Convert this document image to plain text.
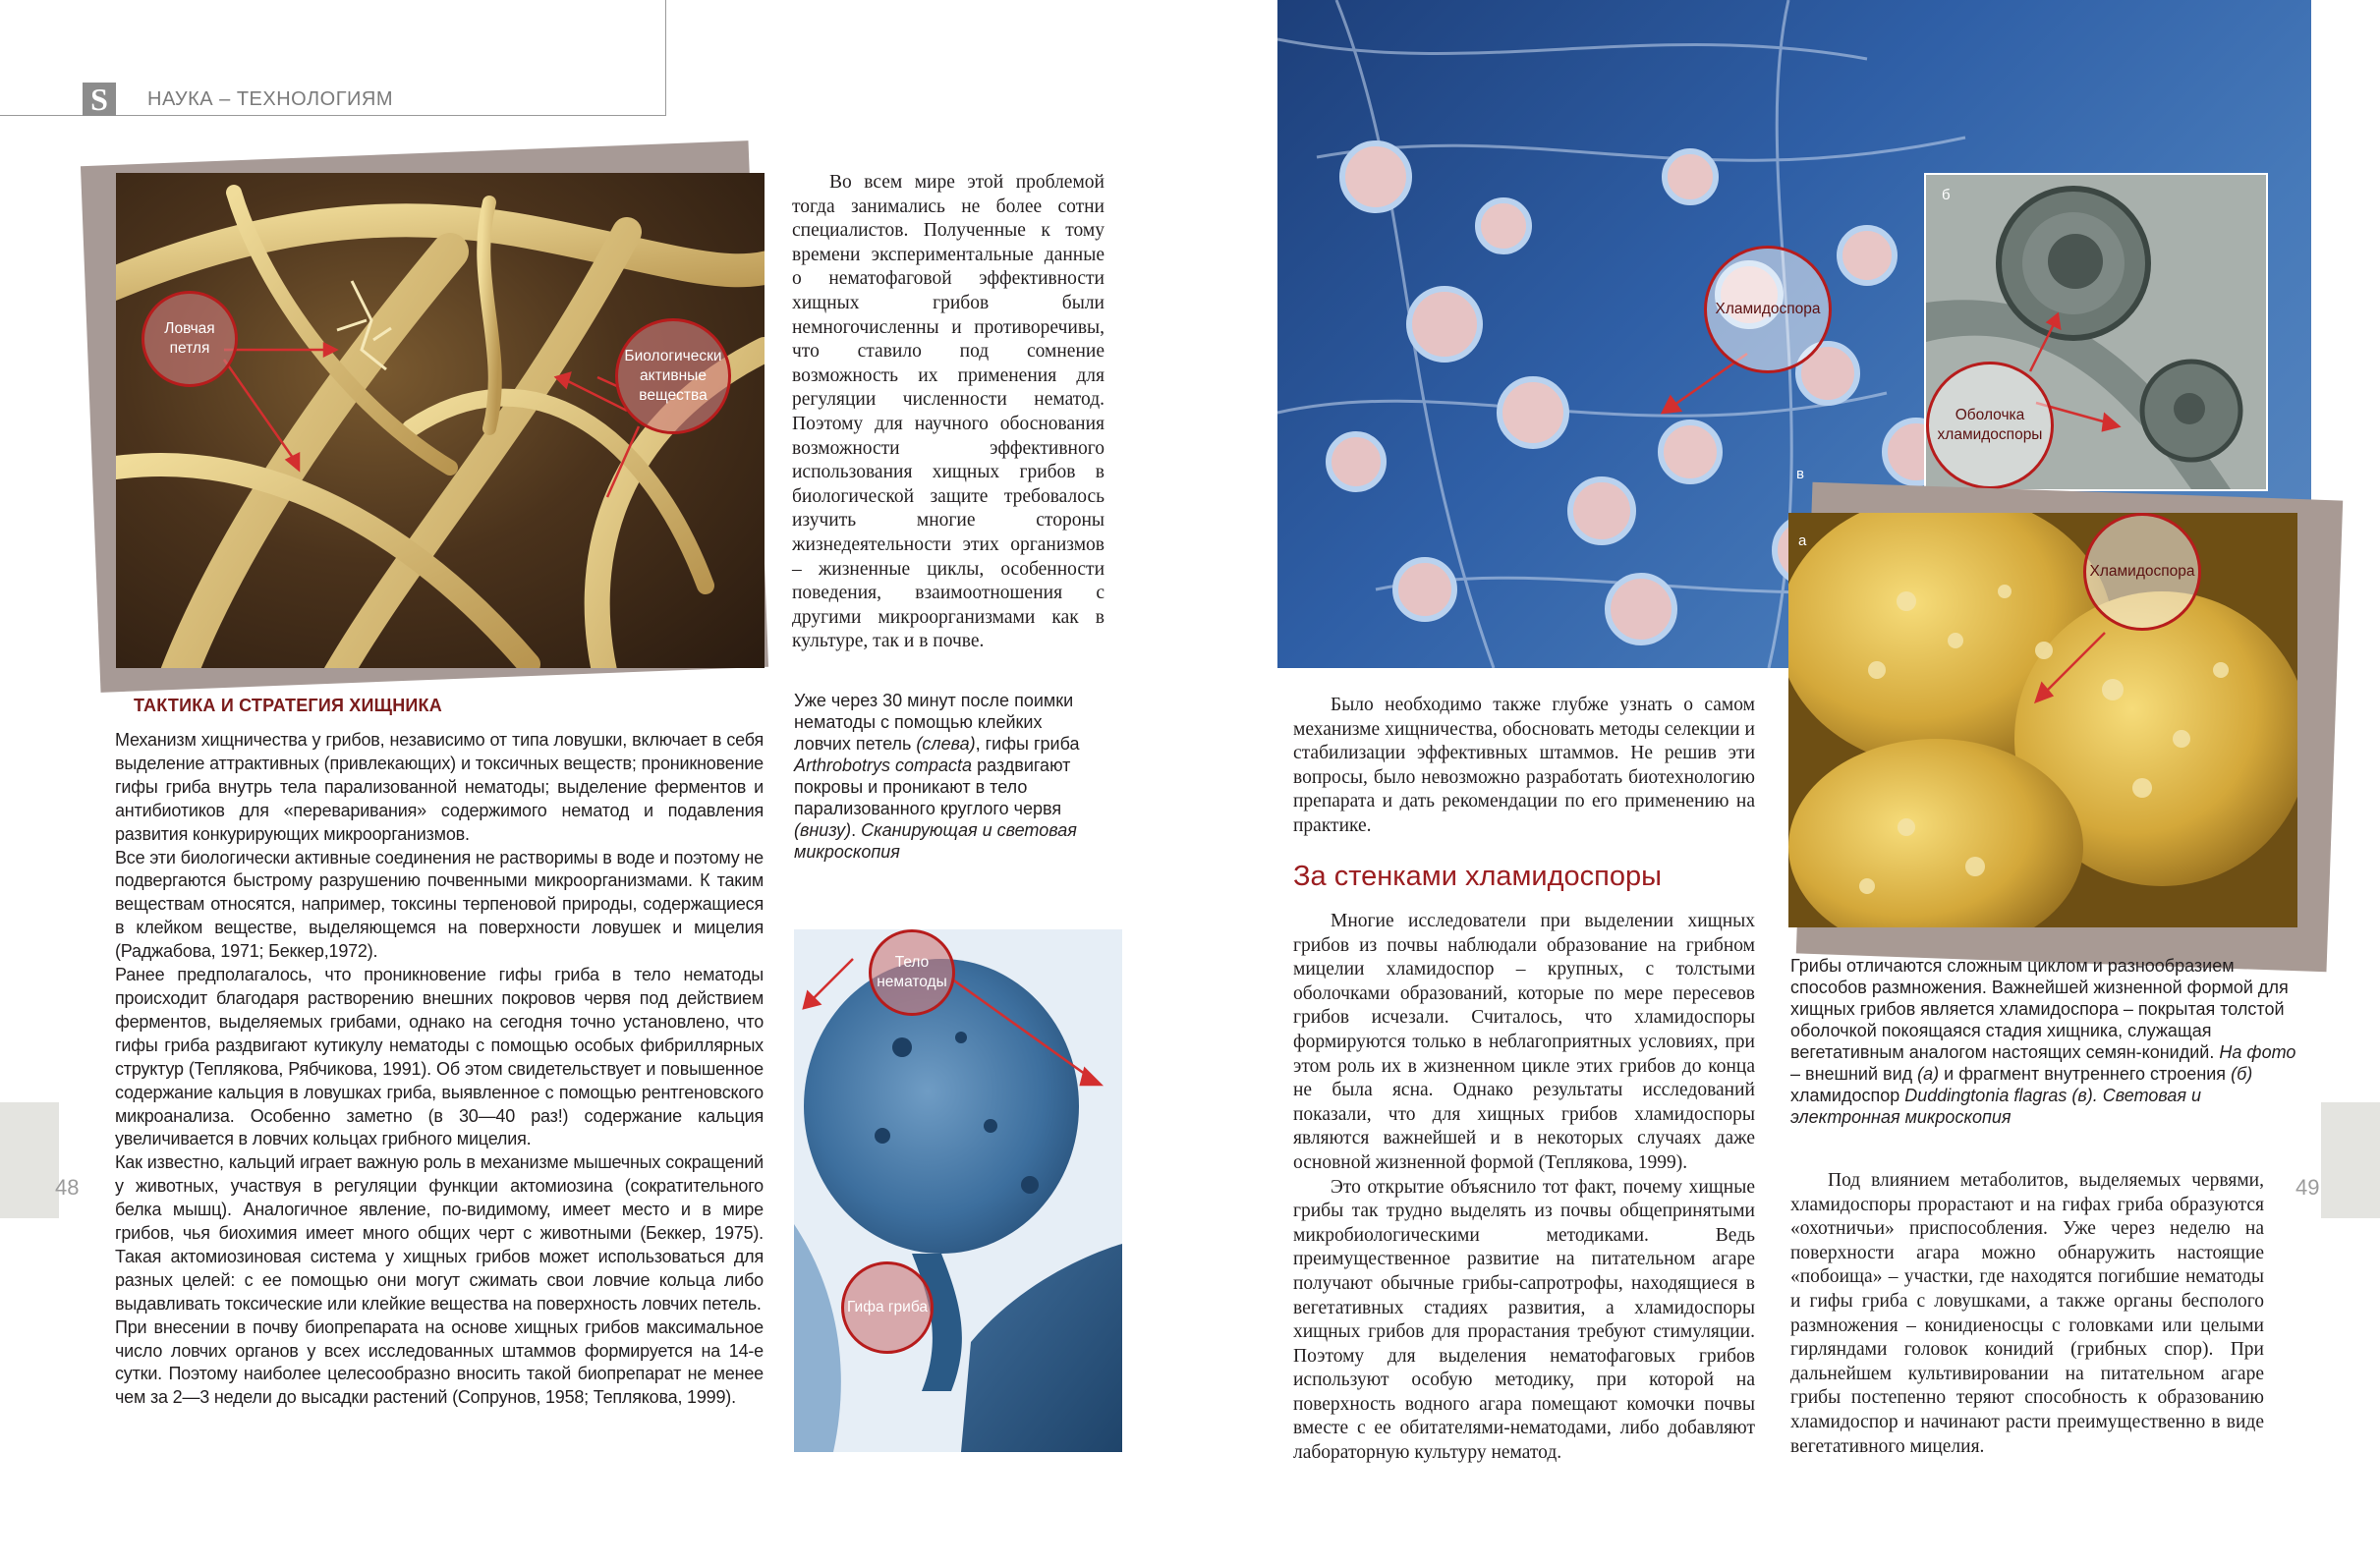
S	НАУКА – ТЕХНОЛОГИЯМ
48	49
Ловчая петля	Биологически активные вещества

Во всем мире этой проблемой тогда занимались не более сотни специалистов. Полученные к тому времени экспериментальные данные о нематофаговой эффективности хищных грибов были немногочисленны и противоречивы, что ставило под сомнение возможность их применения для регуляции численности нематод. Поэтому для научного обоснования возможности эффективного использования хищных грибов в биологической защите требовалось изучить многие стороны жизнедеятельности этих организмов – жизненные циклы, особенности поведения, взаимоотношения с другими микроорганизмами как в культуре, так и в почве.

ТАКТИКА И СТРАТЕГИЯ ХИЩНИКА

Механизм хищничества у грибов, независимо от типа ловушки, включает в себя выделение аттрактивных (привлекающих) и токсичных веществ; проникновение гифы гриба внутрь тела парализованной нематоды; выделение ферментов и антибиотиков для «переваривания» содержимого нематод и подавления развития конкурирующих микроорганизмов.

Все эти биологически активные соединения не растворимы в воде и поэтому не подвергаются быстрому разрушению почвенными микроорганизмами. К таким веществам относятся, например, токсины терпеновой природы, содержащиеся в клейком веществе, выделяющемся на поверхности ловушек и мицелия (Раджабова, 1971; Беккер,1972).

Ранее предполагалось, что проникновение гифы гриба в тело нематоды происходит благодаря растворению внешних покровов червя под действием ферментов, выделяемых грибами, однако на сегодня точно установлено, что гифы гриба раздвигают кутикулу нематоды с помощью особых фибриллярных структур (Теплякова, Рябчикова, 1991). Об этом свидетельствует и повышенное содержание кальция в ловушках гриба, выявленное с помощью рентгеновского микроанализа. Особенно заметно (в 30—40 раз!) содержание кальция увеличивается в ловчих кольцах грибного мицелия.

Как известно, кальций играет важную роль в механизме мышечных сокращений у животных, участвуя в регуляции функции актомиозина (сократительного белка мышц). Аналогичное явление, по-видимому, имеет место и в мире грибов, чья биохимия имеет много общих черт с животными (Беккер, 1975). Такая актомиозиновая система у хищных грибов может использоваться для разных целей: с ее помощью они могут сжимать свои ловчие кольца либо выдавливать токсические или клейкие вещества на поверхность ловчих петель.

При внесении в почву биопрепарата на основе хищных грибов максимальное число ловчих органов у всех исследованных штаммов формируется на 14-е сутки. Поэтому наиболее целесообразно вносить такой биопрепарат не менее чем за 2—3 недели до высадки растений (Сопрунов, 1958; Теплякова, 1999).

Уже через 30 минут после поимки нематоды с помощью клейких ловчих петель (слева), гифы гриба Arthrobotrys compacta раздвигают покровы и проникают в тело парализованного круглого червя (внизу). Сканирующая и световая микроскопия
Тело нематоды
Гифа гриба
Хламидоспора
в
б
Оболочка хламидоспоры
а
Хламидоспора

Было необходимо также глубже узнать о самом механизме хищничества, обосновать методы селекции и стабилизации эффективных штаммов. Не решив эти вопросы, было невозможно разработать биотехнологию препарата и дать рекомендации по его применению на практике.

За стенками хламидоспоры

Многие исследователи при выделении хищных грибов из почвы наблюдали образование на грибном мицелии хламидоспор – крупных, с толстыми оболочками образований, которые по мере пересевов грибов исчезали. Считалось, что хламидоспоры формируются только в неблагоприятных условиях, при этом роль их в жизненном цикле этих грибов до конца не была ясна. Однако результаты исследований показали, что для хищных грибов хламидоспоры являются важнейшей и в некоторых случаях даже основной жизненной формой (Теплякова, 1999).

Это открытие объяснило тот факт, почему хищные грибы так трудно выделять из почвы общепринятыми микробиологическими методиками. Ведь преимущественное развитие на питательном агаре получают обычные грибы-сапротрофы, находящиеся в вегетативных стадиях развития, а хламидоспоры хищных грибов для прорастания требуют стимуляции. Поэтому для выделения нематофаговых грибов используют особую методику, при которой на поверхность водного агара помещают комочки почвы вместе с ее обитателями-нематодами, либо добавляют лабораторную культуру нематод.

Грибы отличаются сложным циклом и разнообразием способов размножения. Важнейшей жизненной формой для хищных грибов является хламидоспора – покрытая толстой оболочкой покоящаяся стадия хищника, служащая вегетативным аналогом настоящих семян-конидий. На фото – внешний вид (а) и фрагмент внутреннего строения (б) хламидоспор Duddingtonia flagras (в). Световая и электронная микроскопия

Под влиянием метаболитов, выделяемых червями, хламидоспоры прорастают и на гифах гриба образуются «охотничьи» приспособления. Уже через неделю на поверхности агара можно обнаружить настоящие «побоища» – участки, где находятся погибшие нематоды и гифы гриба с ловушками, а также органы бесполого размножения – конидиеносцы с головками или целыми гирляндами головок конидий (грибных спор). При дальнейшем культивировании на питательном агаре грибы постепенно теряют способность к образованию хламидоспор и начинают расти преимущественно в виде вегетативного мицелия.
